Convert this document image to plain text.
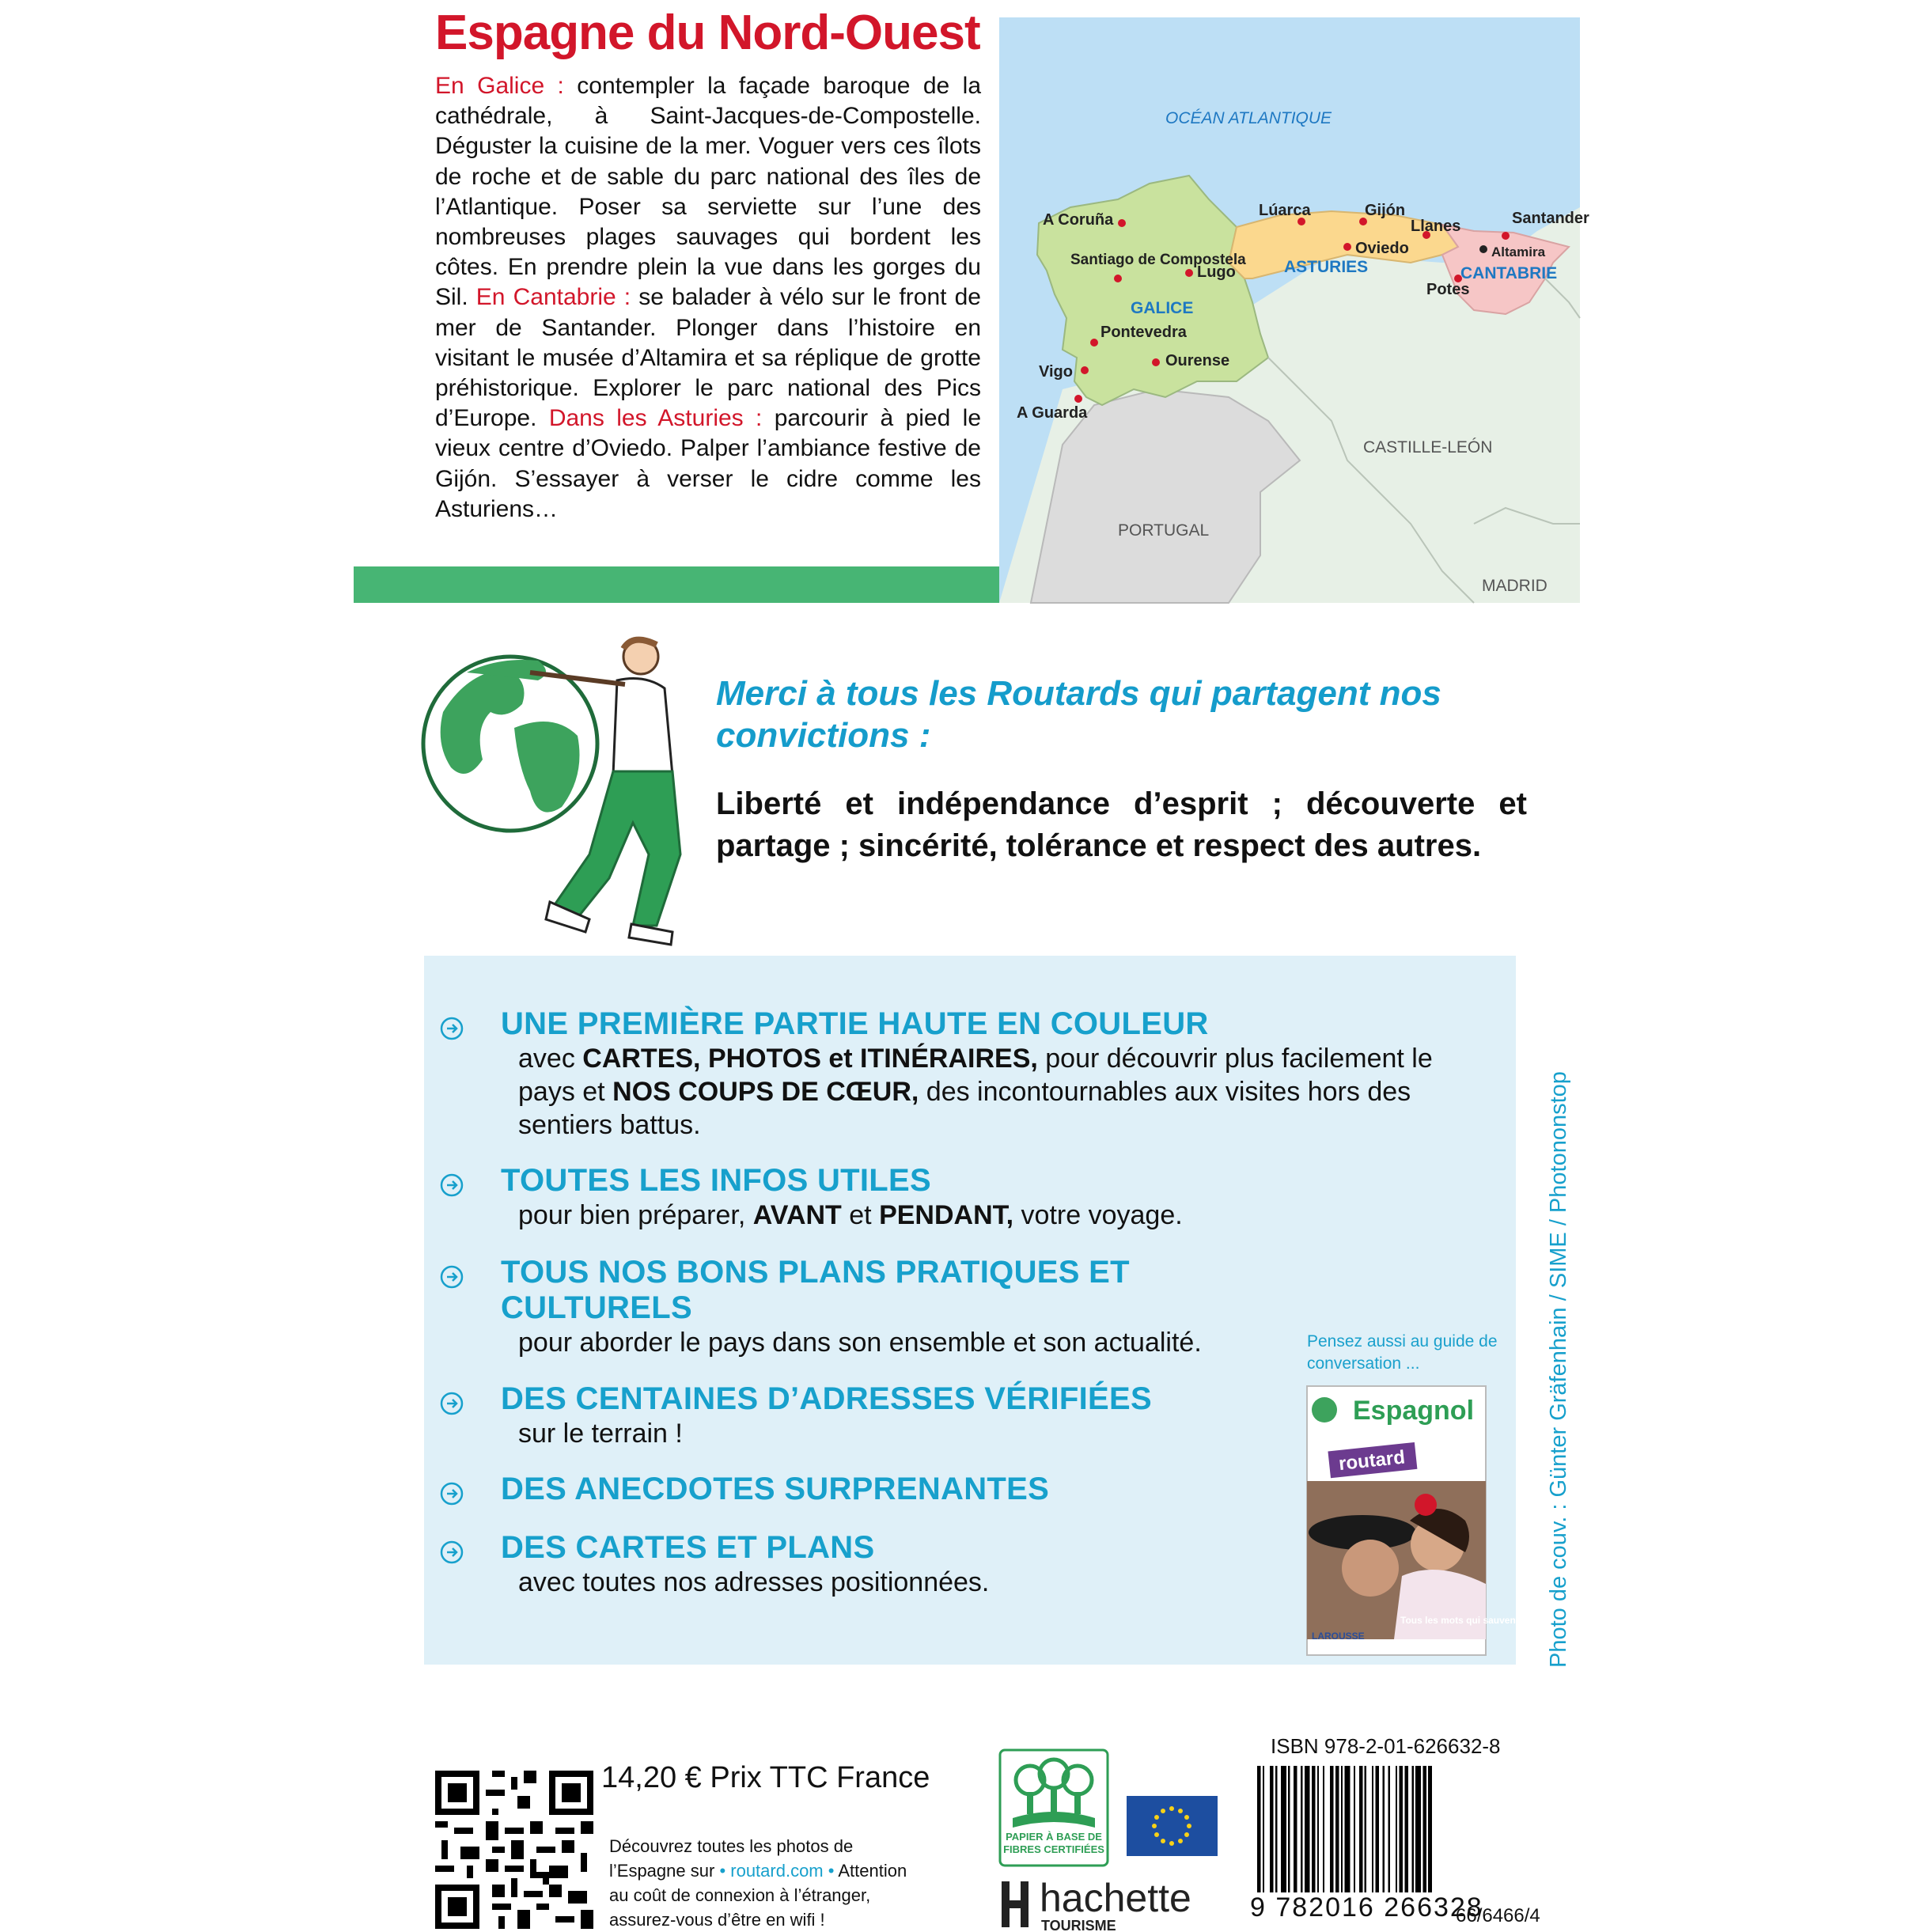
Espagne du Nord-Ouest
En Galice : contempler la façade baroque de la cathédrale, à Saint-Jacques-de-Compostelle. Déguster la cuisine de la mer. Voguer vers ces îlots de roche et de sable du parc national des îles de l’Atlantique. Poser sa serviette sur l’une des nombreuses plages sauvages qui bordent les côtes. En prendre plein la vue dans les gorges du Sil. En Cantabrie : se balader à vélo sur le front de mer de Santander. Plonger dans l’histoire en visitant le musée d’Altamira et sa réplique de grotte préhistorique. Explorer le parc national des Pics d’Europe. Dans les Asturies : parcourir à pied le vieux centre d’Oviedo. Palper l’ambiance festive de Gijón. S’essayer à verser le cidre comme les Asturiens…
OCÉAN ATLANTIQUE
A Coruña
Santiago de Compostela
Lugo
Pontevedra
Ourense
Vigo
A Guarda
Lúarca	Gijón
Oviedo
Llanes	Santander
Altamira
Potes
GALICE
ASTURIES	CANTABRIE
CASTILLE-LEÓN
PORTUGAL
MADRID
Merci à tous les Routards qui partagent nos convictions :
Liberté et indépendance d’esprit ; découverte et partage ; sincérité, tolérance et respect des autres.
UNE PREMIÈRE PARTIE HAUTE EN COULEUR
avec CARTES, PHOTOS et ITINÉRAIRES, pour découvrir plus facilement le pays et NOS COUPS DE CŒUR, des incontournables aux visites hors des sentiers battus.
TOUTES LES INFOS UTILES
pour bien préparer, AVANT et PENDANT, votre voyage.
TOUS NOS BONS PLANS PRATIQUES ET CULTURELS
pour aborder le pays dans son ensemble et son actualité.
DES CENTAINES D’ADRESSES VÉRIFIÉES
sur le terrain !
DES ANECDOTES SURPRENANTES
DES CARTES ET PLANS
avec toutes nos adresses positionnées.
Pensez aussi au guide de conversation ...
Espagnol
routard
Tous les mots qui sauvent...
LAROUSSE	Photo de couv. : Günter Gräfenhain / SIME / Photononstop
14,20 € Prix TTC France
Découvrez toutes les photos de l’Espagne sur • routard.com • Attention au coût de connexion à l’étranger, assurez-vous d’être en wifi !
PAPIER À BASE DE FIBRES CERTIFIÉES
hachette
TOURISME
ISBN 978-2-01-626632-8
9 782016 266328
66/6466/4
